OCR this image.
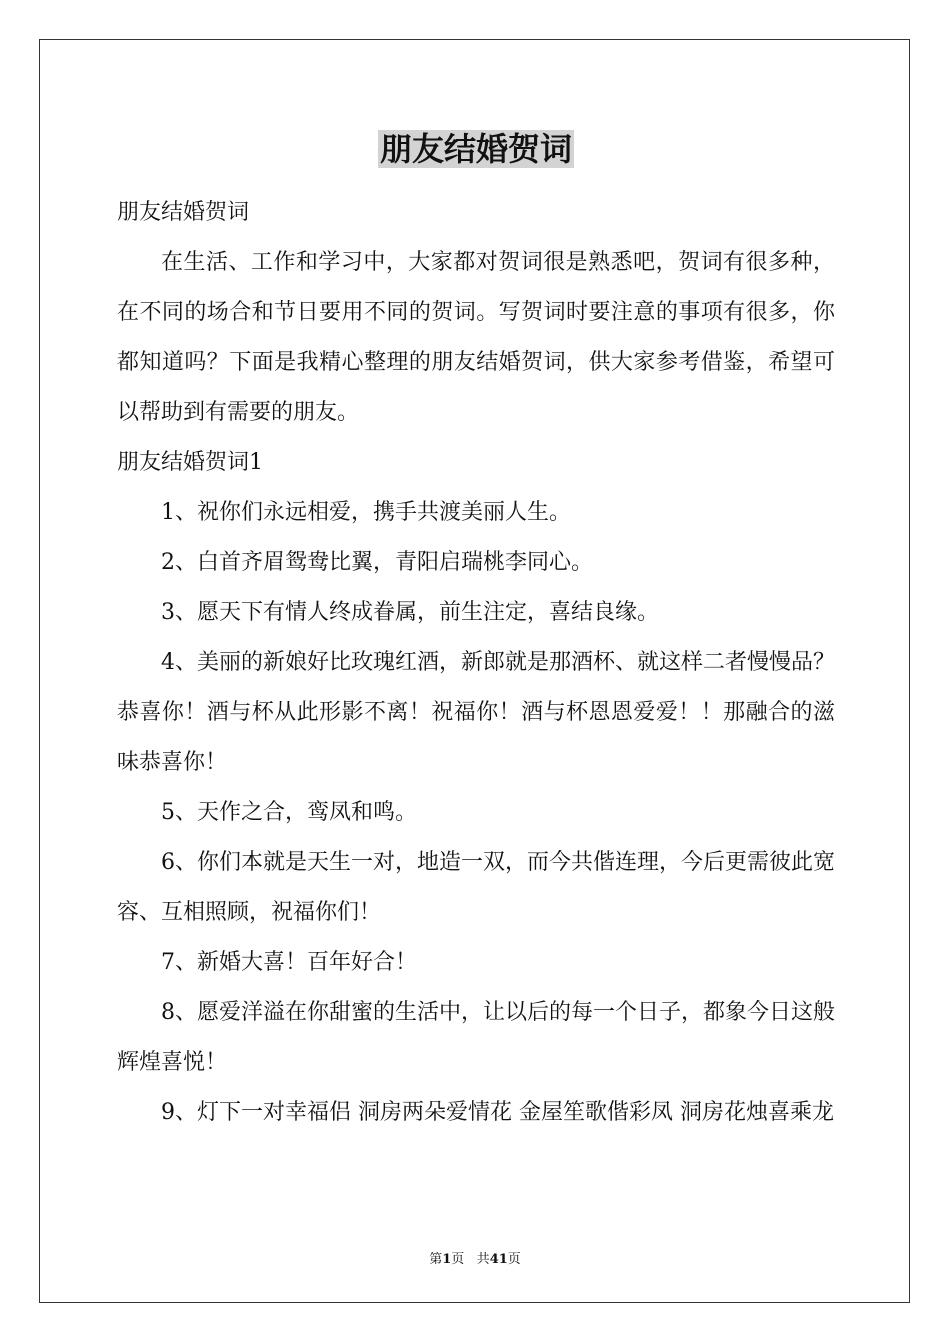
朋友结婚贺词

朋友结婚贺词

在生活、工作和学习中，大家都对贺词很是熟悉吧，贺词有很多种，在不同的场合和节日要用不同的贺词。写贺词时要注意的事项有很多，你都知道吗？下面是我精心整理的朋友结婚贺词，供大家参考借鉴，希望可以帮助到有需要的朋友。

朋友结婚贺词1

1、祝你们永远相爱，携手共渡美丽人生。

2、白首齐眉鸳鸯比翼，青阳启瑞桃李同心。

3、愿天下有情人终成眷属，前生注定，喜结良缘。

4、美丽的新娘好比玫瑰红酒，新郎就是那酒杯、就这样二者慢慢品？恭喜你！酒与杯从此形影不离！祝福你！酒与杯恩恩爱爱！！那融合的滋味恭喜你！

5、天作之合，鸾凤和鸣。

6、你们本就是天生一对，地造一双，而今共偕连理，今后更需彼此宽容、互相照顾，祝福你们！

7、新婚大喜！百年好合！

8、愿爱洋溢在你甜蜜的生活中，让以后的每一个日子，都象今日这般辉煌喜悦！

9、灯下一对幸福侣 洞房两朵爱情花 金屋笙歌偕彩凤 洞房花烛喜乘龙

第1页 共41页
